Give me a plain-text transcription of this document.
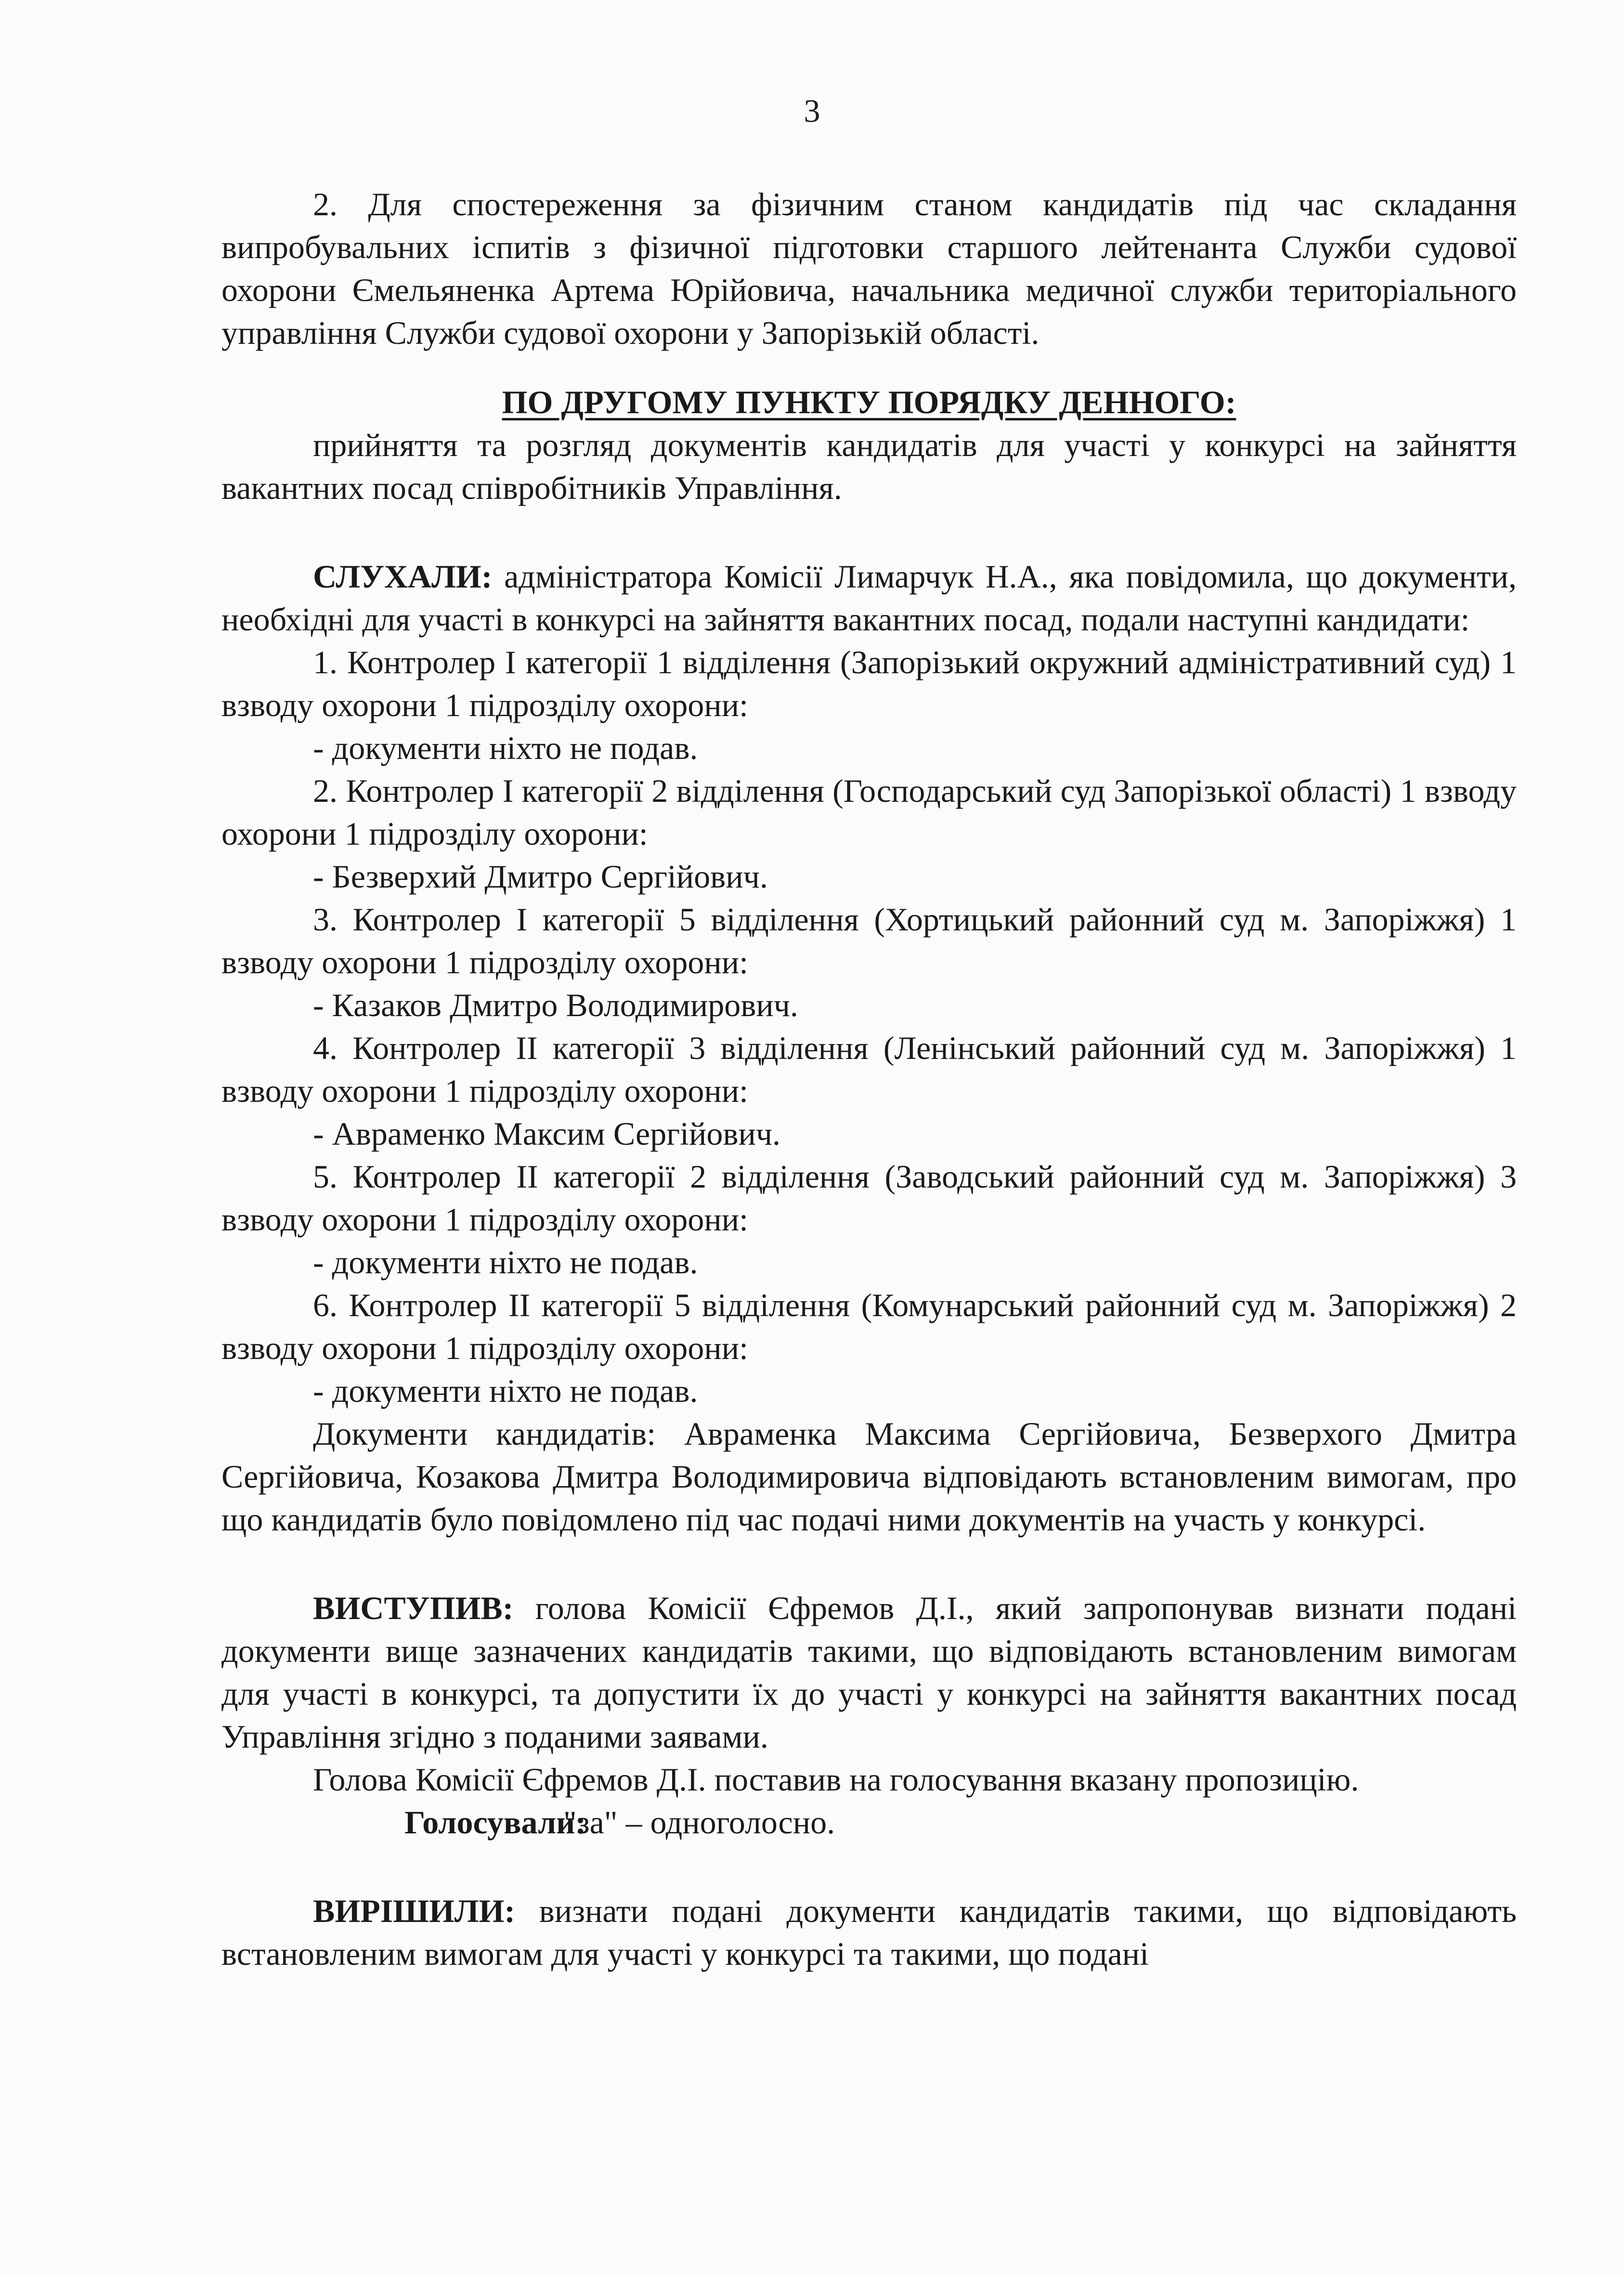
3

2. Для спостереження за фізичним станом кандидатів під час складання випробувальних іспитів з фізичної підготовки старшого лейтенанта Служби судової охорони Ємельяненка Артема Юрійовича, начальника медичної служби територіального управління Служби судової охорони у Запорізькій області.

ПО ДРУГОМУ ПУНКТУ ПОРЯДКУ ДЕННОГО:

прийняття та розгляд документів кандидатів для участі у конкурсі на зайняття вакантних посад співробітників Управління.

СЛУХАЛИ: адміністратора Комісії Лимарчук Н.А., яка повідомила, що документи, необхідні для участі в конкурсі на зайняття вакантних посад, подали наступні кандидати:

1. Контролер І категорії 1 відділення (Запорізький окружний адміністративний суд) 1 взводу охорони 1 підрозділу охорони:

- документи ніхто не подав.

2. Контролер І категорії 2 відділення (Господарський суд Запорізької області) 1 взводу охорони 1 підрозділу охорони:

- Безверхий Дмитро Сергійович.

3. Контролер І категорії 5 відділення (Хортицький районний суд м. Запоріжжя) 1 взводу охорони 1 підрозділу охорони:

- Казаков Дмитро Володимирович.

4. Контролер ІІ категорії 3 відділення (Ленінський районний суд м. Запоріжжя) 1 взводу охорони 1 підрозділу охорони:

- Авраменко Максим Сергійович.

5. Контролер ІІ категорії 2 відділення (Заводський районний суд м. Запоріжжя) 3 взводу охорони 1 підрозділу охорони:

- документи ніхто не подав.

6. Контролер ІІ категорії 5 відділення (Комунарський районний суд м. Запоріжжя) 2 взводу охорони 1 підрозділу охорони:

- документи ніхто не подав.

Документи кандидатів: Авраменка Максима Сергійовича, Безверхого Дмитра Сергійовича, Козакова Дмитра Володимировича відповідають встановленим вимогам, про що кандидатів було повідомлено під час подачі ними документів на участь у конкурсі.

ВИСТУПИВ: голова Комісії Єфремов Д.І., який запропонував визнати подані документи вище зазначених кандидатів такими, що відповідають встановленим вимогам для участі в конкурсі, та допустити їх до участі у конкурсі на зайняття вакантних посад Управління згідно з поданими заявами.

Голова Комісії Єфремов Д.І. поставив на голосування вказану пропозицію.

Голосували:"за" – одноголосно.

ВИРІШИЛИ: визнати подані документи кандидатів такими, що відповідають встановленим вимогам для участі у конкурсі та такими, що подані
